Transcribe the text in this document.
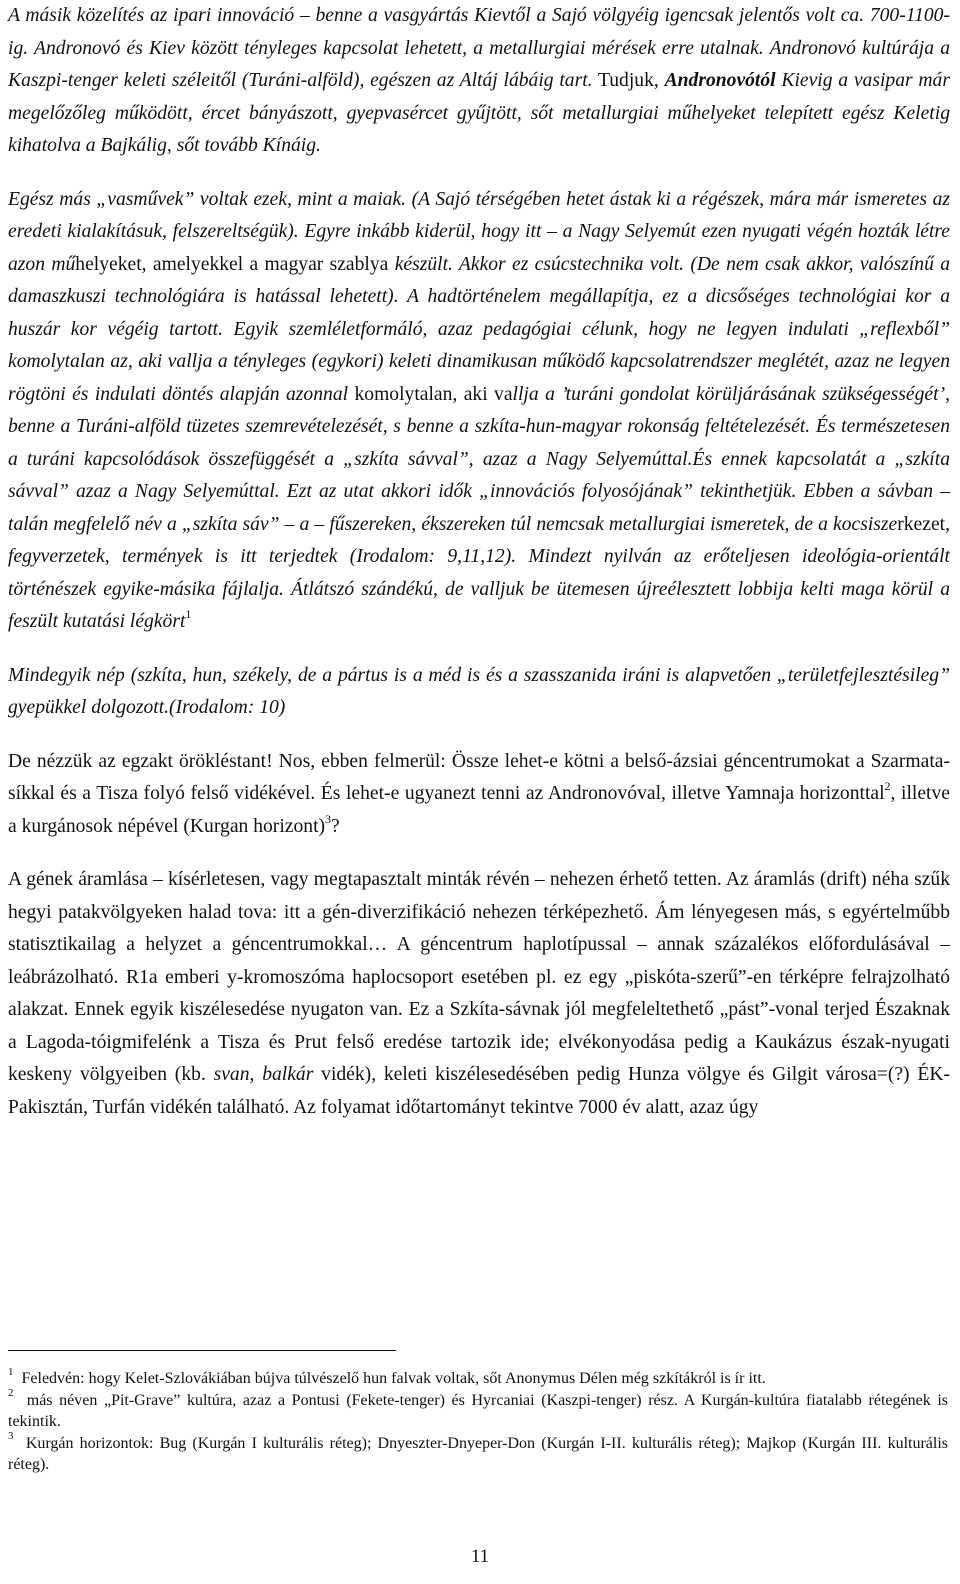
A másik közelítés az ipari innováció – benne a vasgyártás Kievtől a Sajó völgyéig igencsak jelentős volt ca. 700-1100-ig. Andronovó és Kiev között tényleges kapcsolat lehetett, a metallurgiai mérések erre utalnak. Andronovó kultúrája a Kaszpi-tenger keleti széleitől (Turáni-alföld), egészen az Altáj lábáig tart. Tudjuk, Andronovótól Kievig a vasipar már megelőzőleg működött, ércet bányászott, gyepvasércet gyűjtött, sőt metallurgiai műhelyeket telepített egész Keletig kihatolva a Bajkálig, sőt tovább Kínáig.

Egész más „vasművek” voltak ezek, mint a maiak. (A Sajó térségében hetet ástak ki a régészek, mára már ismeretes az eredeti kialakításuk, felszereltségük). Egyre inkább kiderül, hogy itt – a Nagy Selyemút ezen nyugati végén hozták létre azon műhelyeket, amelyekkel a magyar szablya készült. Akkor ez csúcstechnika volt. (De nem csak akkor, valószínű a damaszkuszi technológiára is hatással lehetett). A hadtörténelem megállapítja, ez a dicsőséges technológiai kor a huszár kor végéig tartott. Egyik szemléletformáló, azaz pedagógiai célunk, hogy ne legyen indulati „reflexből” komolytalan az, aki vallja a tényleges (egykori) keleti dinamikusan működő kapcsolatrendszer meglétét, azaz ne legyen rögtöni és indulati döntés alapján azonnal komolytalan, aki vallja a ’turáni gondolat körüljárásának szükségességét’, benne a Turáni-alföld tüzetes szemrevételezését, s benne a szkíta-hun-magyar rokonság feltételezését. És természetesen a turáni kapcsolódások összefüggését a „szkíta sávval”, azaz a Nagy Selyemúttal.És ennek kapcsolatát a „szkíta sávval” azaz a Nagy Selyemúttal. Ezt az utat akkori idők „innovációs folyosójának” tekinthetjük. Ebben a sávban – talán megfelelő név a „szkíta sáv” – a – fűszereken, ékszereken túl nemcsak metallurgiai ismeretek, de a kocsiszerkezet, fegyverzetek, termények is itt terjedtek (Irodalom: 9,11,12). Mindezt nyilván az erőteljesen ideológia-orientált történészek egyike-másika fájlalja. Átlátszó szándékú, de valljuk be ütemesen újreélesztett lobbija kelti maga körül a feszült kutatási légkört$^1$

Mindegyik nép (szkíta, hun, székely, de a pártus is a méd is és a szasszanida iráni is alapvetően „területfejlesztésileg” gyepükkel dolgozott.(Irodalom: 10)

De nézzük az egzakt örökléstant! Nos, ebben felmerül: Össze lehet-e kötni a belső-ázsiai géncentrumokat a Szarmata-síkkal és a Tisza folyó felső vidékével. És lehet-e ugyanezt tenni az Andronovóval, illetve Yamnaja horizonttal$^2$, illetve a kurgánosok népével (Kurgan horizont)$^3$?

A gének áramlása – kísérletesen, vagy megtapasztalt minták révén – nehezen érhető tetten. Az áramlás (drift) néha szűk hegyi patakvölgyeken halad tova: itt a gén-diverzifikáció nehezen térképezhető. Ám lényegesen más, s egyértelműbb statisztikailag a helyzet a géncentrumokkal… A géncentrum haplotípussal – annak százalékos előfordulásával – leábrázolható. R1a emberi y-kromoszóma haplocsoport esetében pl. ez egy „piskóta-szerű”-en térképre felrajzolható alakzat. Ennek egyik kiszélesedése nyugaton van. Ez a Szkíta-sávnak jól megfeleltethető „pást”-vonal terjed Északnak a Lagoda-tóigmifelénk a Tisza és Prut felső eredése tartozik ide; elvékonyodása pedig a Kaukázus észak-nyugati keskeny völgyeiben (kb. svan, balkár vidék), keleti kiszélesedésében pedig Hunza völgye és Gilgit városa=(?) ÉK-Pakisztán, Turfán vidékén található. Az folyamat időtartományt tekintve 7000 év alatt, azaz úgy

$^1$ Feledvén: hogy Kelet-Szlovákiában bújva túlvészelő hun falvak voltak, sőt Anonymus Délen még szkítákról is ír itt.

$^2$ más néven „Pit-Grave” kultúra, azaz a Pontusi (Fekete-tenger) és Hyrcaniai (Kaszpi-tenger) rész. A Kurgán-kultúra fiatalabb rétegének is tekintik.

$^3$ Kurgán horizontok: Bug (Kurgán I kulturális réteg); Dnyeszter-Dnyeper-Don (Kurgán I-II. kulturális réteg); Majkop (Kurgán III. kulturális réteg).

11
